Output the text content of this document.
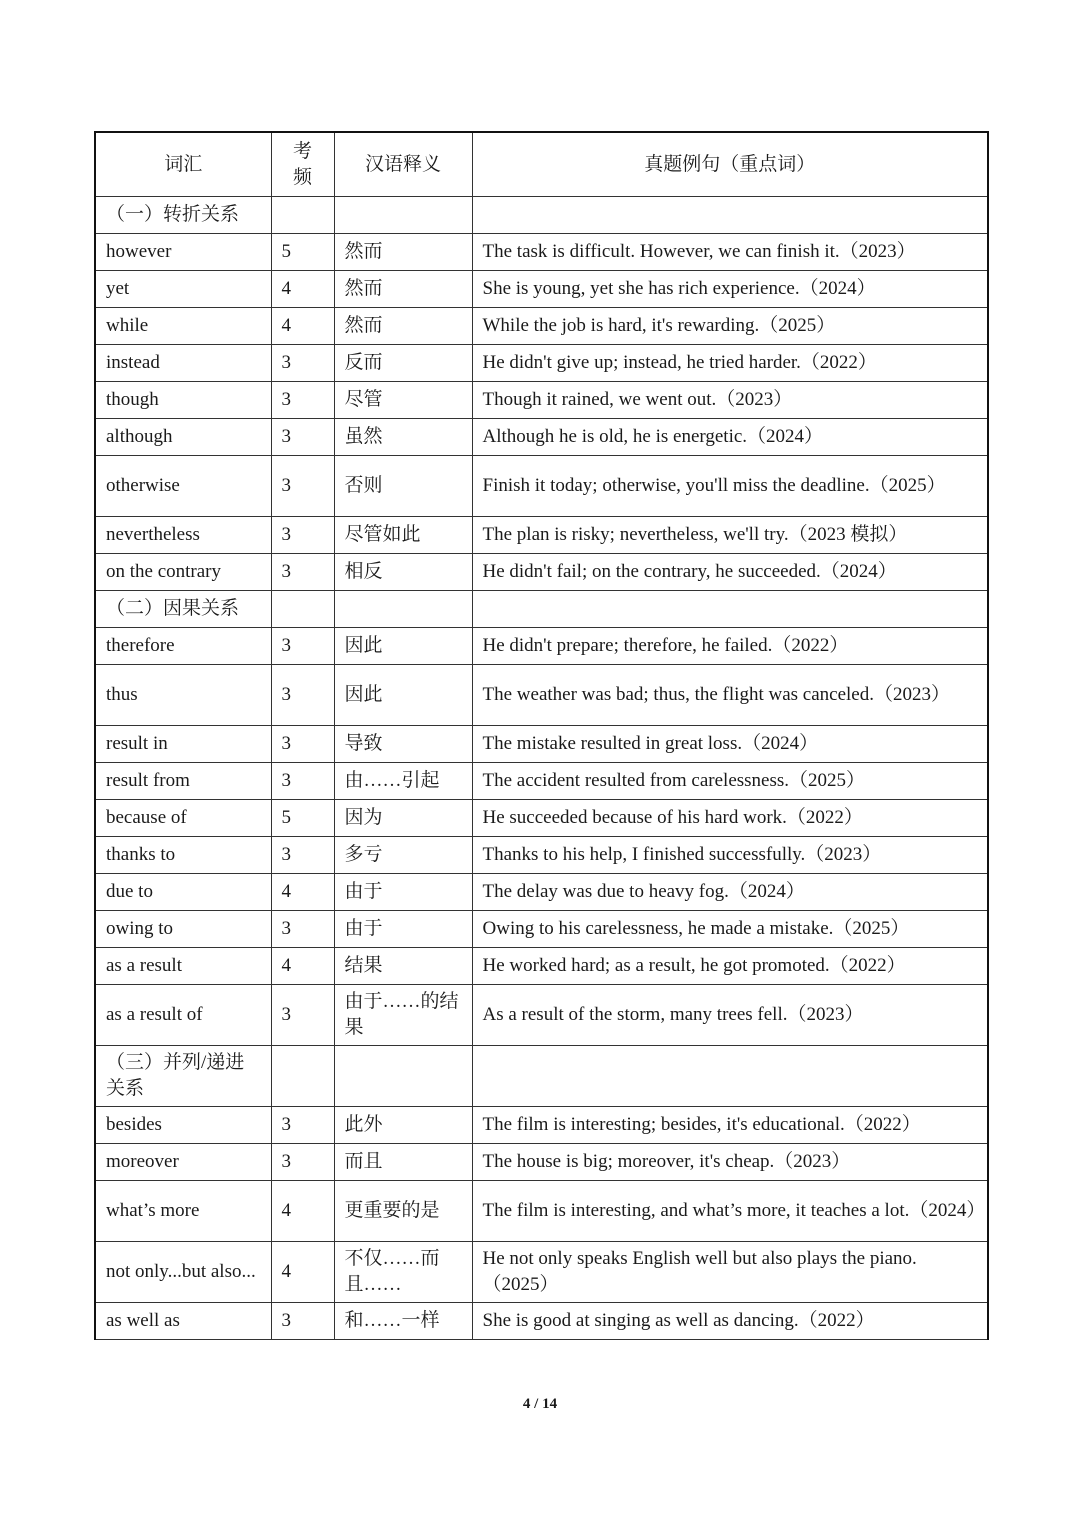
词汇	考频	汉语释义	真题例句（重点词）
（一）转折关系			
however	5	然而	The task is difficult. However, we can finish it.（2023）
yet	4	然而	She is young, yet she has rich experience.（2024）
while	4	然而	While the job is hard, it's rewarding.（2025）
instead	3	反而	He didn't give up; instead, he tried harder.（2022）
though	3	尽管	Though it rained, we went out.（2023）
although	3	虽然	Although he is old, he is energetic.（2024）
otherwise	3	否则	Finish it today; otherwise, you'll miss the deadline.（2025）
nevertheless	3	尽管如此	The plan is risky; nevertheless, we'll try.（2023 模拟）
on the contrary	3	相反	He didn't fail; on the contrary, he succeeded.（2024）
（二）因果关系			
therefore	3	因此	He didn't prepare; therefore, he failed.（2022）
thus	3	因此	The weather was bad; thus, the flight was canceled.（2023）
result in	3	导致	The mistake resulted in great loss.（2024）
result from	3	由……引起	The accident resulted from carelessness.（2025）
because of	5	因为	He succeeded because of his hard work.（2022）
thanks to	3	多亏	Thanks to his help, I finished successfully.（2023）
due to	4	由于	The delay was due to heavy fog.（2024）
owing to	3	由于	Owing to his carelessness, he made a mistake.（2025）
as a result	4	结果	He worked hard; as a result, he got promoted.（2022）
as a result of	3	由于……的结果	As a result of the storm, many trees fell.（2023）
（三）并列/递进关系			
besides	3	此外	The film is interesting; besides, it's educational.（2022）
moreover	3	而且	The house is big; moreover, it's cheap.（2023）
what’s more	4	更重要的是	The film is interesting, and what’s more, it teaches a lot.（2024）
not only...but also...	4	不仅……而且……	He not only speaks English well but also plays the piano.（2025）
as well as	3	和……一样	She is good at singing as well as dancing.（2022）
4 / 14
